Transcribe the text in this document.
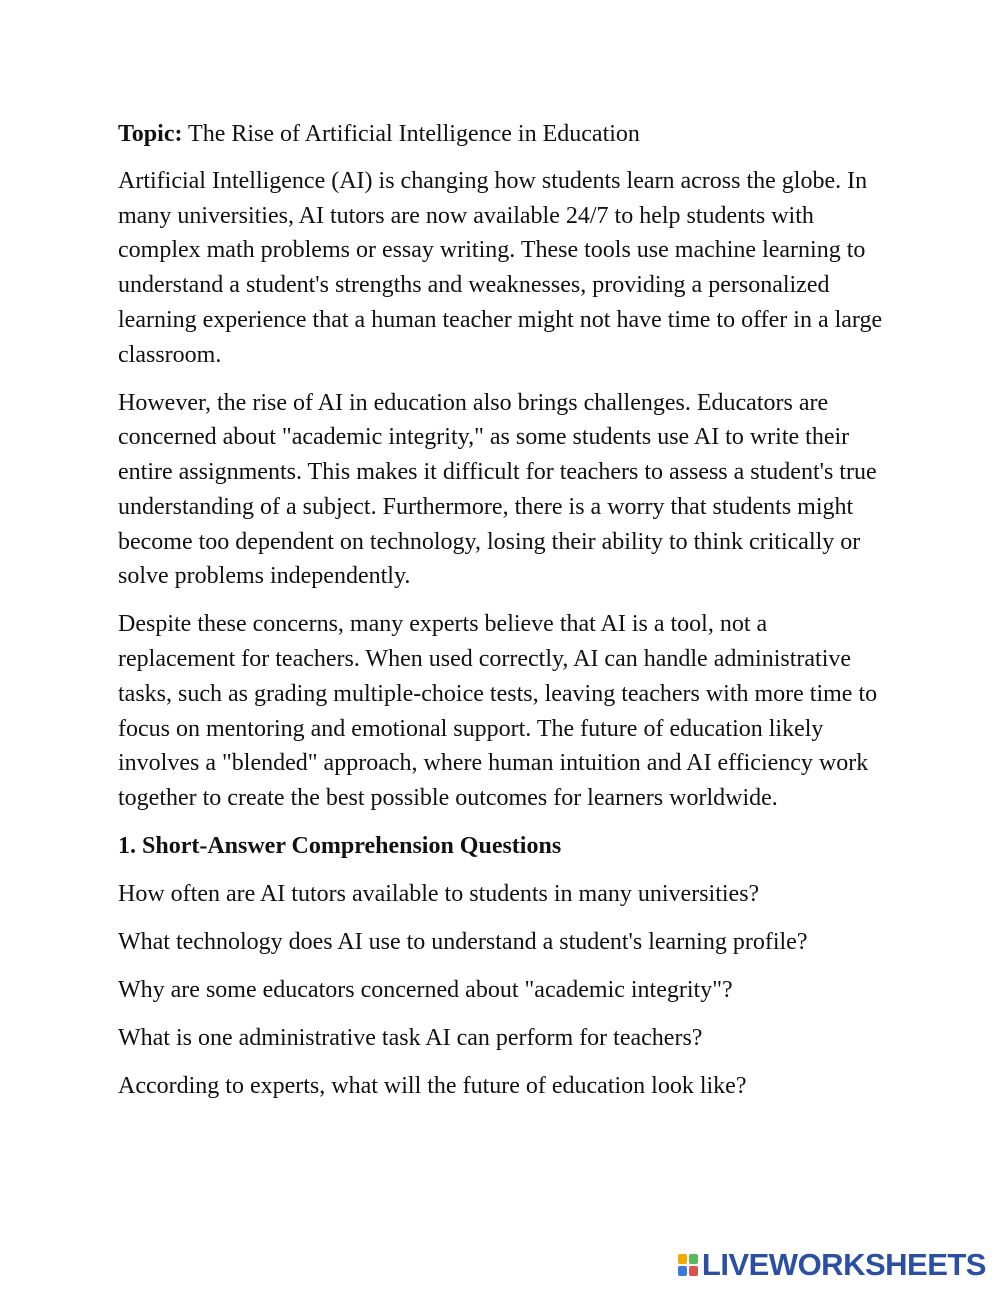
Topic: The Rise of Artificial Intelligence in Education

Artificial Intelligence (AI) is changing how students learn across the globe. In many universities, AI tutors are now available 24/7 to help students with complex math problems or essay writing. These tools use machine learning to understand a student's strengths and weaknesses, providing a personalized learning experience that a human teacher might not have time to offer in a large classroom.

However, the rise of AI in education also brings challenges. Educators are concerned about "academic integrity," as some students use AI to write their entire assignments. This makes it difficult for teachers to assess a student's true understanding of a subject. Furthermore, there is a worry that students might become too dependent on technology, losing their ability to think critically or solve problems independently.

Despite these concerns, many experts believe that AI is a tool, not a replacement for teachers. When used correctly, AI can handle administrative tasks, such as grading multiple-choice tests, leaving teachers with more time to focus on mentoring and emotional support. The future of education likely involves a "blended" approach, where human intuition and AI efficiency work together to create the best possible outcomes for learners worldwide.

1. Short-Answer Comprehension Questions

How often are AI tutors available to students in many universities?

What technology does AI use to understand a student's learning profile?

Why are some educators concerned about "academic integrity"?

What is one administrative task AI can perform for teachers?

According to experts, what will the future of education look like?

LIVEWORKSHEETS
